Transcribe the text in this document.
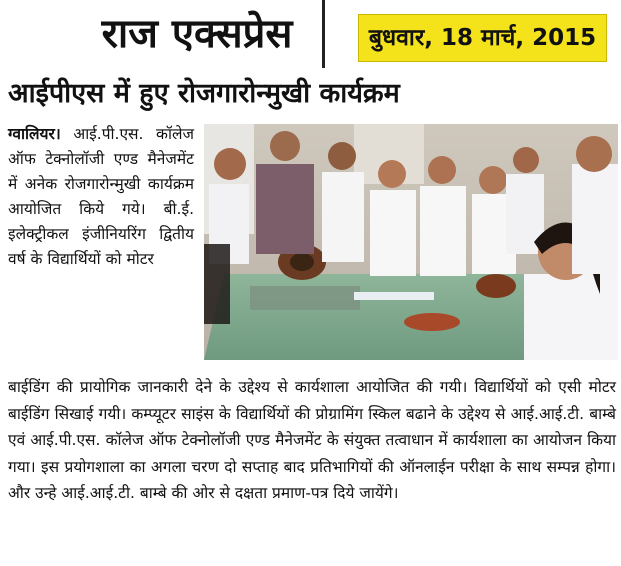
राज एक्सप्रेस	बुधवार, 18 मार्च, 2015
आईपीएस में हुए रोजगारोन्मुखी कार्यक्रम
ग्वालियर। आई.पी.एस. कॉलेज ऑफ टेक्नोलॉजी एण्ड मैनेजमेंट में अनेक रोजगारोन्मुखी कार्यक्रम आयोजित किये गये। बी.ई. इलेक्ट्रीकल इंजीनियरिंग द्वितीय वर्ष के विद्यार्थियों को मोटर

बाईडिंग की प्रायोगिक जानकारी देने के उद्देश्य से कार्यशाला आयोजित की गयी। विद्यार्थियों को एसी मोटर बाईडिंग सिखाई गयी। कम्प्यूटर साइंस के विद्यार्थियों की प्रोग्रामिंग स्किल बढाने के उद्देश्य से आई.आई.टी. बाम्बे एवं आई.पी.एस. कॉलेज ऑफ टेक्नोलॉजी एण्ड मैनेजमेंट के संयुक्त तत्वाधान में कार्यशाला का आयोजन किया गया। इस प्रयोगशाला का अगला चरण दो सप्ताह बाद प्रतिभागियों की ऑनलाईन परीक्षा के साथ सम्पन्न होगा। और उन्हे आई.आई.टी. बाम्बे की ओर से दक्षता प्रमाण-पत्र दिये जायेंगे।
